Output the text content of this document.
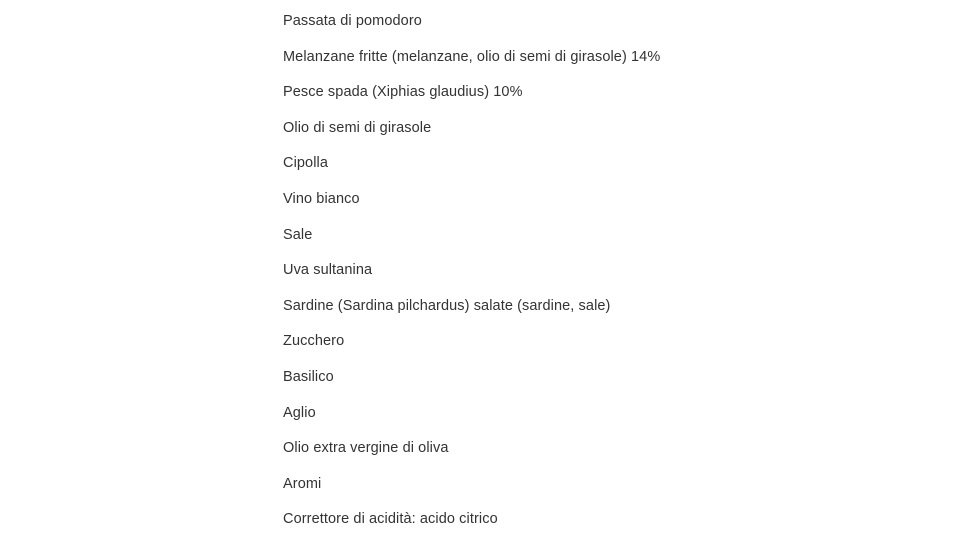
Passata di pomodoro
Melanzane fritte (melanzane, olio di semi di girasole) 14%
Pesce spada (Xiphias glaudius) 10%
Olio di semi di girasole
Cipolla
Vino bianco
Sale
Uva sultanina
Sardine (Sardina pilchardus) salate (sardine, sale)
Zucchero
Basilico
Aglio
Olio extra vergine di oliva
Aromi
Correttore di acidità: acido citrico
